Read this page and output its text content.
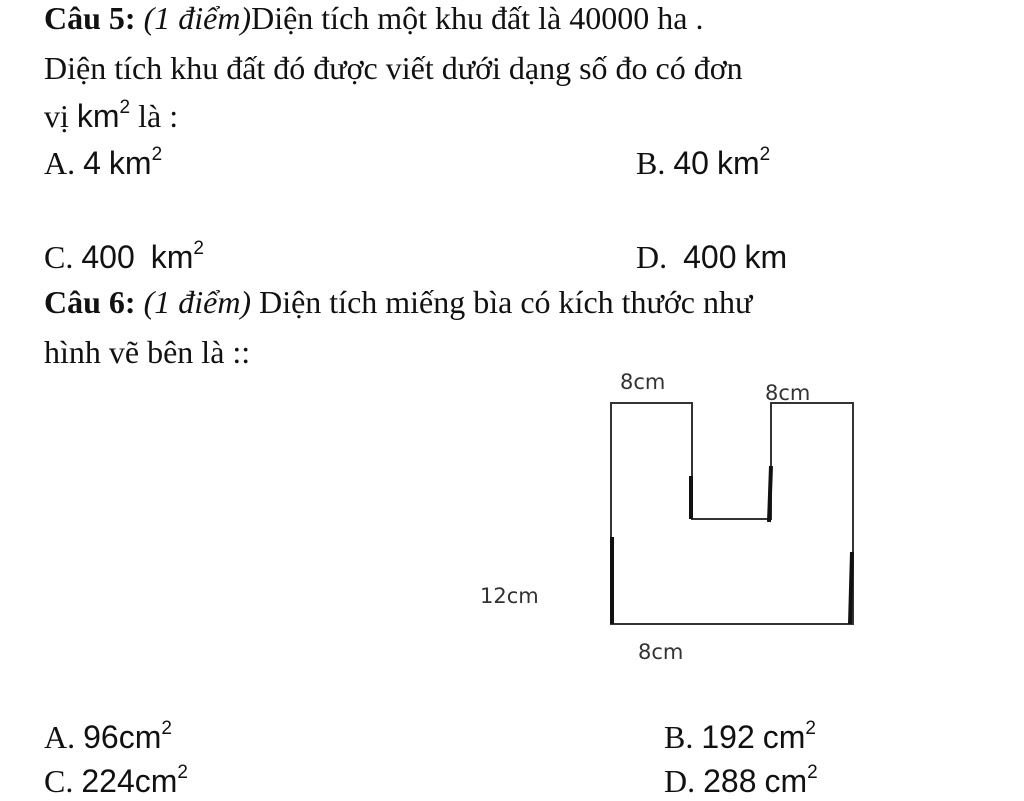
Câu 5: (1 điểm)Diện tích một khu đất là 40000 ha .
Diện tích khu đất đó được viết dưới dạng số đo có đơn
vị $km^2$ là :
A. 4 $km^2$	B. 40 $km^2$
C. 400 $km^2$	D. 400 km
Câu 6: (1 điểm) Diện tích miếng bìa có kích thước như
hình vẽ bên là ::
8cm	8cm
12cm
8cm
A. $96cm^2$	B. 192 $cm^2$
C. $224cm^2$	D. 288 $cm^2$
